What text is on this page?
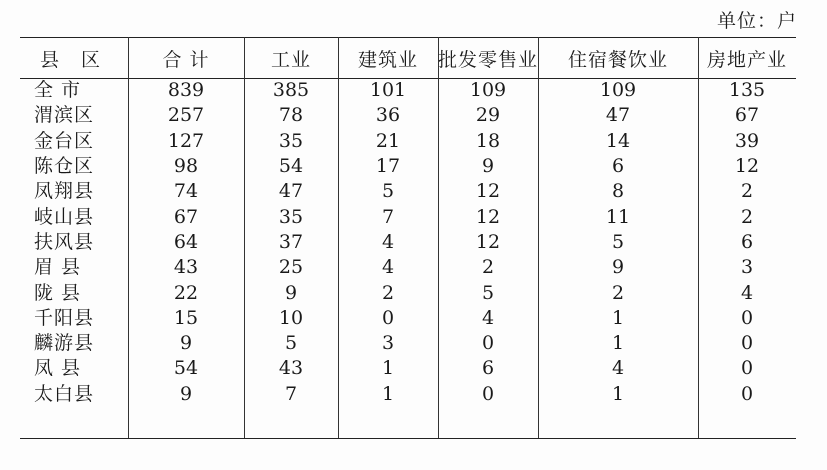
单位：户
县 区	合 计	工业	建筑业	批发零售业	住宿餐饮业	房地产业
全 市	839	385	101	109	109	135
渭滨区	257	78	36	29	47	67
金台区	127	35	21	18	14	39
陈仓区	98	54	17	9	6	12
凤翔县	74	47	5	12	8	2
岐山县	67	35	7	12	11	2
扶风县	64	37	4	12	5	6
眉 县	43	25	4	2	9	3
陇 县	22	9	2	5	2	4
千阳县	15	10	0	4	1	0
麟游县	9	5	3	0	1	0
凤 县	54	43	1	6	4	0
太白县	9	7	1	0	1	0
